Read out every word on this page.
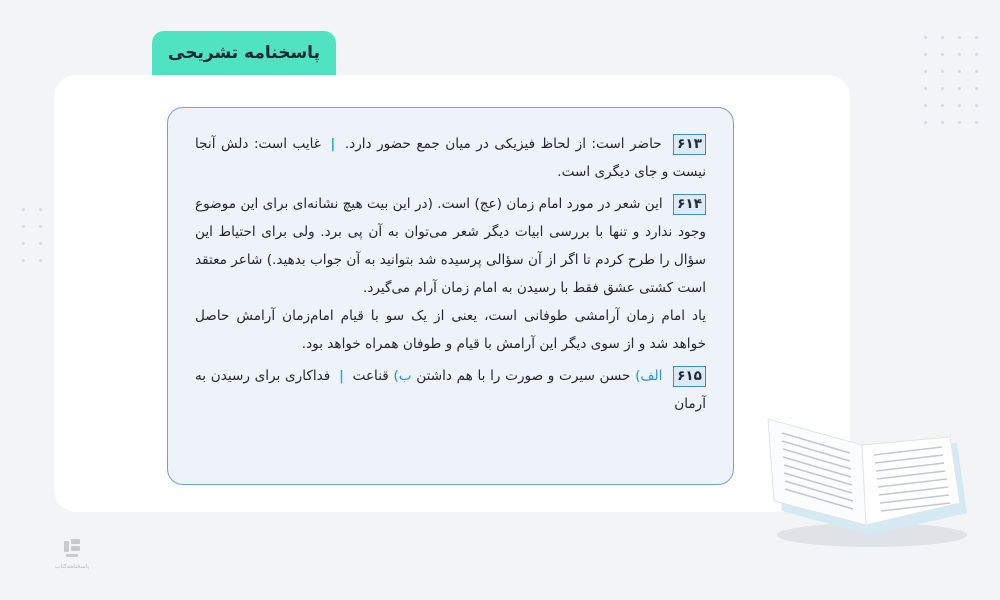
پاسخنامه تشریحی

۶۱۳ حاضر است: از لحاظ فیزیکی در میان جمع حضور دارد. | غایب است: دلش آنجا نیست و جای دیگری است.

۶۱۴ این شعر در مورد امام زمان (عج) است. (در این بیت هیچ نشانه‌ای برای این موضوع وجود ندارد و تنها با بررسی ابیات دیگر شعر می‌توان به آن پی برد. ولی برای احتیاط این سؤال را طرح کردم تا اگر از آن سؤالی پرسیده شد بتوانید به آن جواب بدهید.) شاعر معتقد است کشتی عشق فقط با رسیدن به امام زمان آرام می‌گیرد.
یاد امام زمان آرامشی طوفانی است، یعنی از یک سو با قیام امام‌زمان آرامش حاصل خواهد شد و از سوی دیگر این آرامش با قیام و طوفان همراه خواهد بود.

۶۱۵ الف) حسن سیرت و صورت را با هم داشتن ب) قناعت | فداکاری برای رسیدن به آرمان

پاسخنامه‌کتاب
